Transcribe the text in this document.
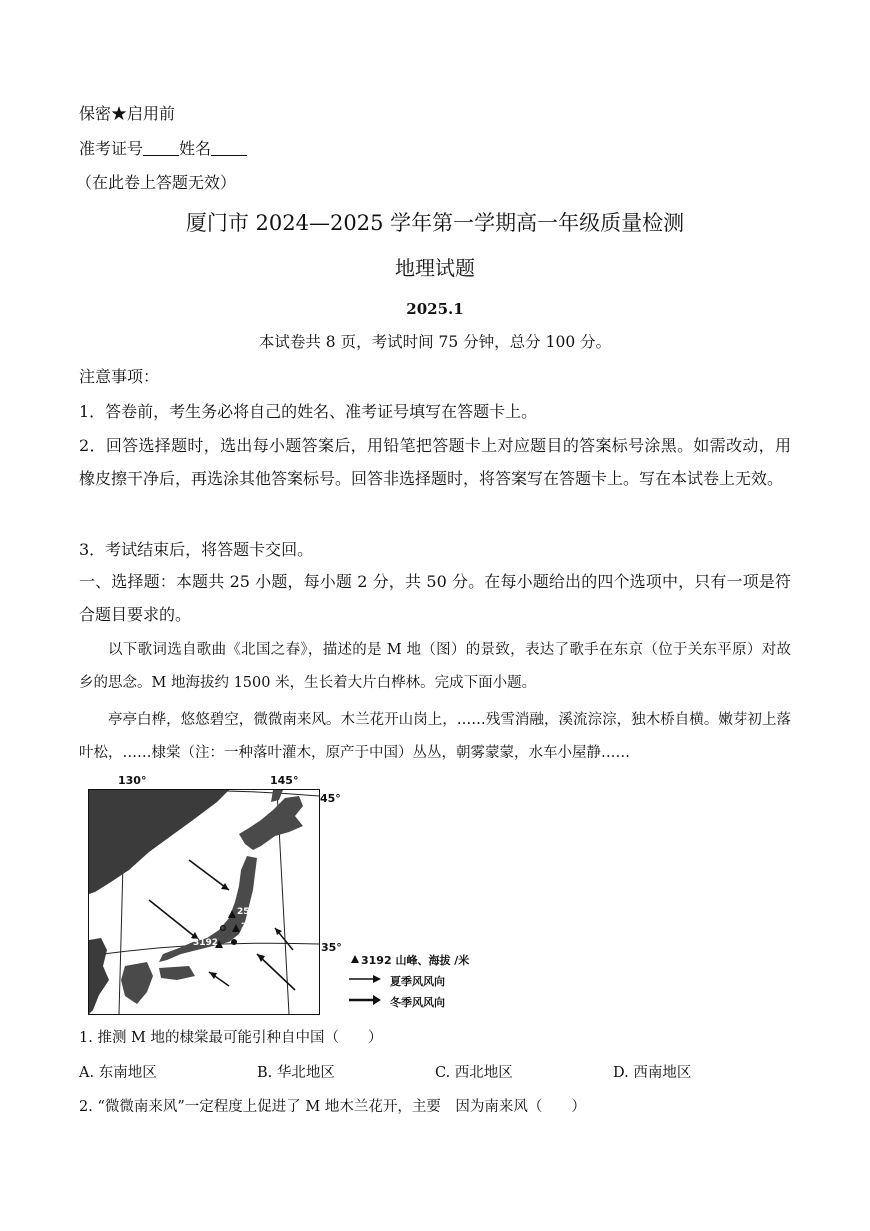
保密★启用前
准考证号 姓名
（在此卷上答题无效）
厦门市 2024—2025 学年第一学期高一年级质量检测
地理试题
2025.1
本试卷共 8 页，考试时间 75 分钟，总分 100 分。
注意事项：
1．答卷前，考生务必将自己的姓名、准考证号填写在答题卡上。
2．回答选择题时，选出每小题答案后，用铅笔把答题卡上对应题目的答案标号涂黑。如需改动，用橡皮擦干净后，再选涂其他答案标号。回答非选择题时，将答案写在答题卡上。写在本试卷上无效。
3．考试结束后，将答题卡交回。
一、选择题：本题共 25 小题，每小题 2 分，共 50 分。在每小题给出的四个选项中，只有一项是符合题目要求的。
以下歌词选自歌曲《北国之春》，描述的是 M 地（图）的景致，表达了歌手在东京（位于关东平原）对故乡的思念。M 地海拔约 1500 米，生长着大片白桦林。完成下面小题。
亭亭白桦，悠悠碧空，微微南来风。木兰花开山岗上，……残雪消融，溪流淙淙，独木桥自横。嫩芽初上落叶松，……棣棠（注：一种落叶灌木，原产于中国）丛丛，朝雾蒙蒙，水车小屋静……
130°	145°
45°
35°
日 本 海
太 平 洋
M 2578
2568
3192
东京
3192 山峰、海拔 /米
夏季风风向
冬季风风向
1. 推测 M 地的棣棠最可能引种自中国（　　）
A. 东南地区	B. 华北地区	C. 西北地区	D. 西南地区
2. “微微南来风”一定程度上促进了 M 地木兰花开，主要　因为南来风（　　）
